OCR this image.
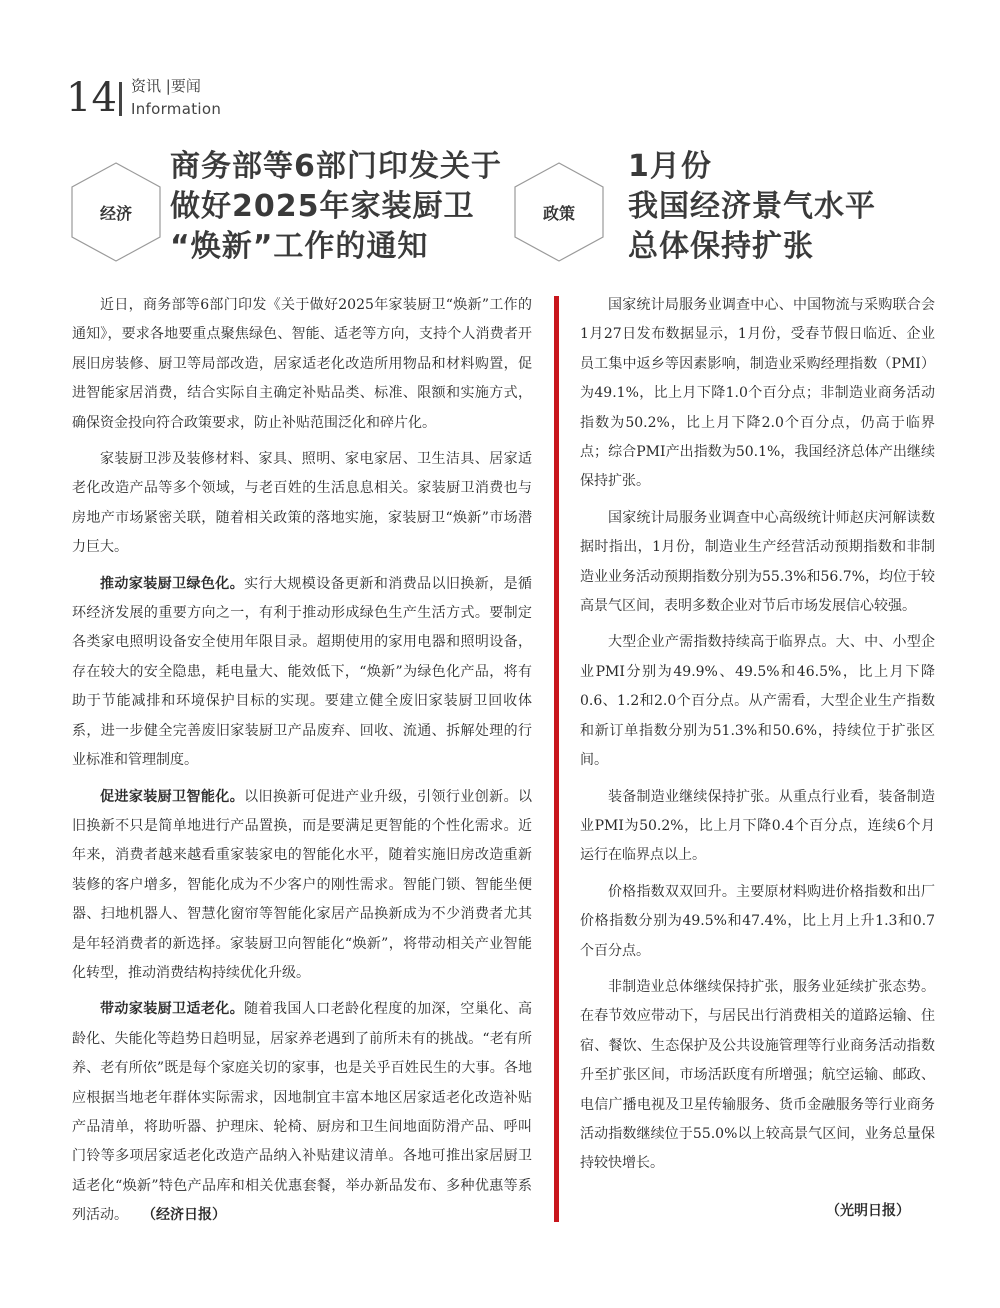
14 资讯 |要闻
Information
经济
商务部等6部门印发关于
做好2025年家装厨卫
“焕新”工作的通知
政策
1月份
我国经济景气水平
总体保持扩张

近日，商务部等6部门印发《关于做好2025年家装厨卫“焕新”工作的通知》，要求各地要重点聚焦绿色、智能、适老等方向，支持个人消费者开展旧房装修、厨卫等局部改造，居家适老化改造所用物品和材料购置，促进智能家居消费，结合实际自主确定补贴品类、标准、限额和实施方式，确保资金投向符合政策要求，防止补贴范围泛化和碎片化。

家装厨卫涉及装修材料、家具、照明、家电家居、卫生洁具、居家适老化改造产品等多个领域，与老百姓的生活息息相关。家装厨卫消费也与房地产市场紧密关联，随着相关政策的落地实施，家装厨卫“焕新”市场潜力巨大。

推动家装厨卫绿色化。实行大规模设备更新和消费品以旧换新，是循环经济发展的重要方向之一，有利于推动形成绿色生产生活方式。要制定各类家电照明设备安全使用年限目录。超期使用的家用电器和照明设备，存在较大的安全隐患，耗电量大、能效低下，“焕新”为绿色化产品，将有助于节能减排和环境保护目标的实现。要建立健全废旧家装厨卫回收体系，进一步健全完善废旧家装厨卫产品废弃、回收、流通、拆解处理的行业标准和管理制度。

促进家装厨卫智能化。以旧换新可促进产业升级，引领行业创新。以旧换新不只是简单地进行产品置换，而是要满足更智能的个性化需求。近年来，消费者越来越看重家装家电的智能化水平，随着实施旧房改造重新装修的客户增多，智能化成为不少客户的刚性需求。智能门锁、智能坐便器、扫地机器人、智慧化窗帘等智能化家居产品换新成为不少消费者尤其是年轻消费者的新选择。家装厨卫向智能化“焕新”，将带动相关产业智能化转型，推动消费结构持续优化升级。

带动家装厨卫适老化。随着我国人口老龄化程度的加深，空巢化、高龄化、失能化等趋势日趋明显，居家养老遇到了前所未有的挑战。“老有所养、老有所依”既是每个家庭关切的家事，也是关乎百姓民生的大事。各地应根据当地老年群体实际需求，因地制宜丰富本地区居家适老化改造补贴产品清单，将助听器、护理床、轮椅、厨房和卫生间地面防滑产品、呼叫门铃等多项居家适老化改造产品纳入补贴建议清单。各地可推出家居厨卫适老化“焕新”特色产品库和相关优惠套餐，举办新品发布、多种优惠等系列活动。　　 （经济日报）

国家统计局服务业调查中心、中国物流与采购联合会1月27日发布数据显示，1月份，受春节假日临近、企业员工集中返乡等因素影响，制造业采购经理指数（PMI）为49.1%，比上月下降1.0个百分点；非制造业商务活动指数为50.2%，比上月下降2.0个百分点，仍高于临界点；综合PMI产出指数为50.1%，我国经济总体产出继续保持扩张。

国家统计局服务业调查中心高级统计师赵庆河解读数据时指出，1月份，制造业生产经营活动预期指数和非制造业业务活动预期指数分别为55.3%和56.7%，均位于较高景气区间，表明多数企业对节后市场发展信心较强。

大型企业产需指数持续高于临界点。大、中、小型企业PMI分别为49.9%、49.5%和46.5%，比上月下降0.6、1.2和2.0个百分点。从产需看，大型企业生产指数和新订单指数分别为51.3%和50.6%，持续位于扩张区间。

装备制造业继续保持扩张。从重点行业看，装备制造业PMI为50.2%，比上月下降0.4个百分点，连续6个月运行在临界点以上。

价格指数双双回升。主要原材料购进价格指数和出厂价格指数分别为49.5%和47.4%，比上月上升1.3和0.7个百分点。

非制造业总体继续保持扩张，服务业延续扩张态势。在春节效应带动下，与居民出行消费相关的道路运输、住宿、餐饮、生态保护及公共设施管理等行业商务活动指数升至扩张区间，市场活跃度有所增强；航空运输、邮政、电信广播电视及卫星传输服务、货币金融服务等行业商务活动指数继续位于55.0%以上较高景气区间，业务总量保持较快增长。

（光明日报）
